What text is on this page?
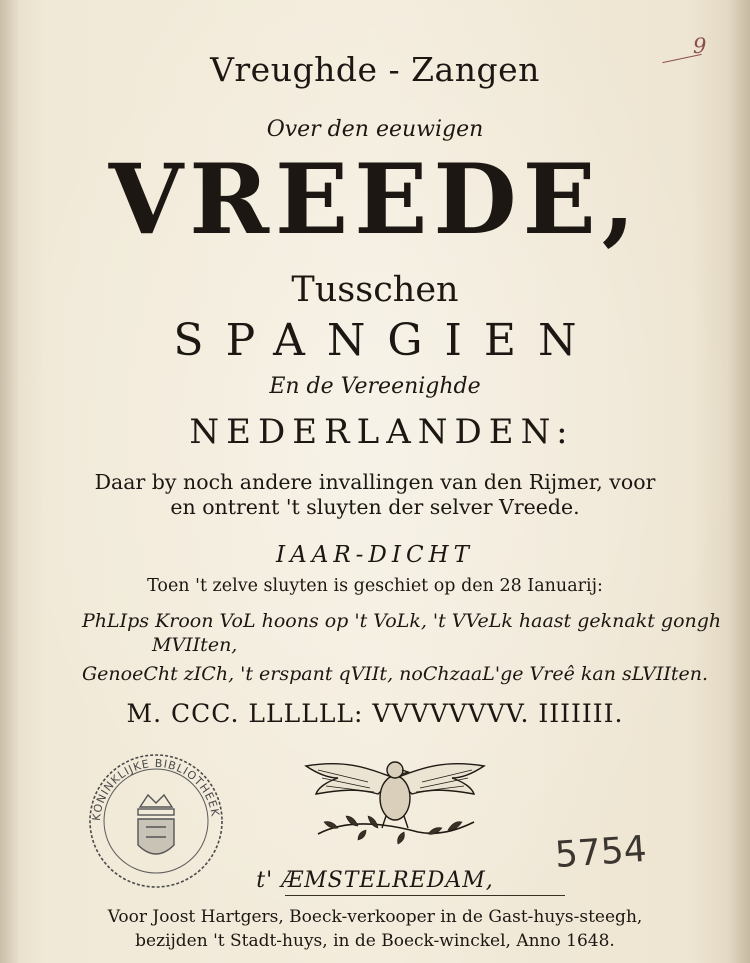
9
Vreughde - Zangen
Over den eeuwigen
VREEDE,
Tusschen
SPANGIEN
En de Vereenighde
NEDERLANDEN:
Daar by noch andere invallingen van den Rijmer, voor
en ontrent 't sluyten der selver Vreede.
IAAR-DICHT
Toen 't zelve sluyten is geschiet op den 28 Ianuarij:
PhLIps Kroon VoL hoons op 't VoLk, 't VVeLk haast geknakt gongh
MVIIten,
GenoeCht zICh, 't erspant qVIIt, noChzaaL'ge Vreê kan sLVIIten.
M. CCC. LLLLLL: VVVVVVVV. IIIIIII.
KONINKLIJKE BIBLIOTHEEK
5754
t' ÆMSTELREDAM,
Voor Joost Hartgers, Boeck-verkooper in de Gast-huys-steegh,
bezijden 't Stadt-huys, in de Boeck-winckel, Anno 1648.
